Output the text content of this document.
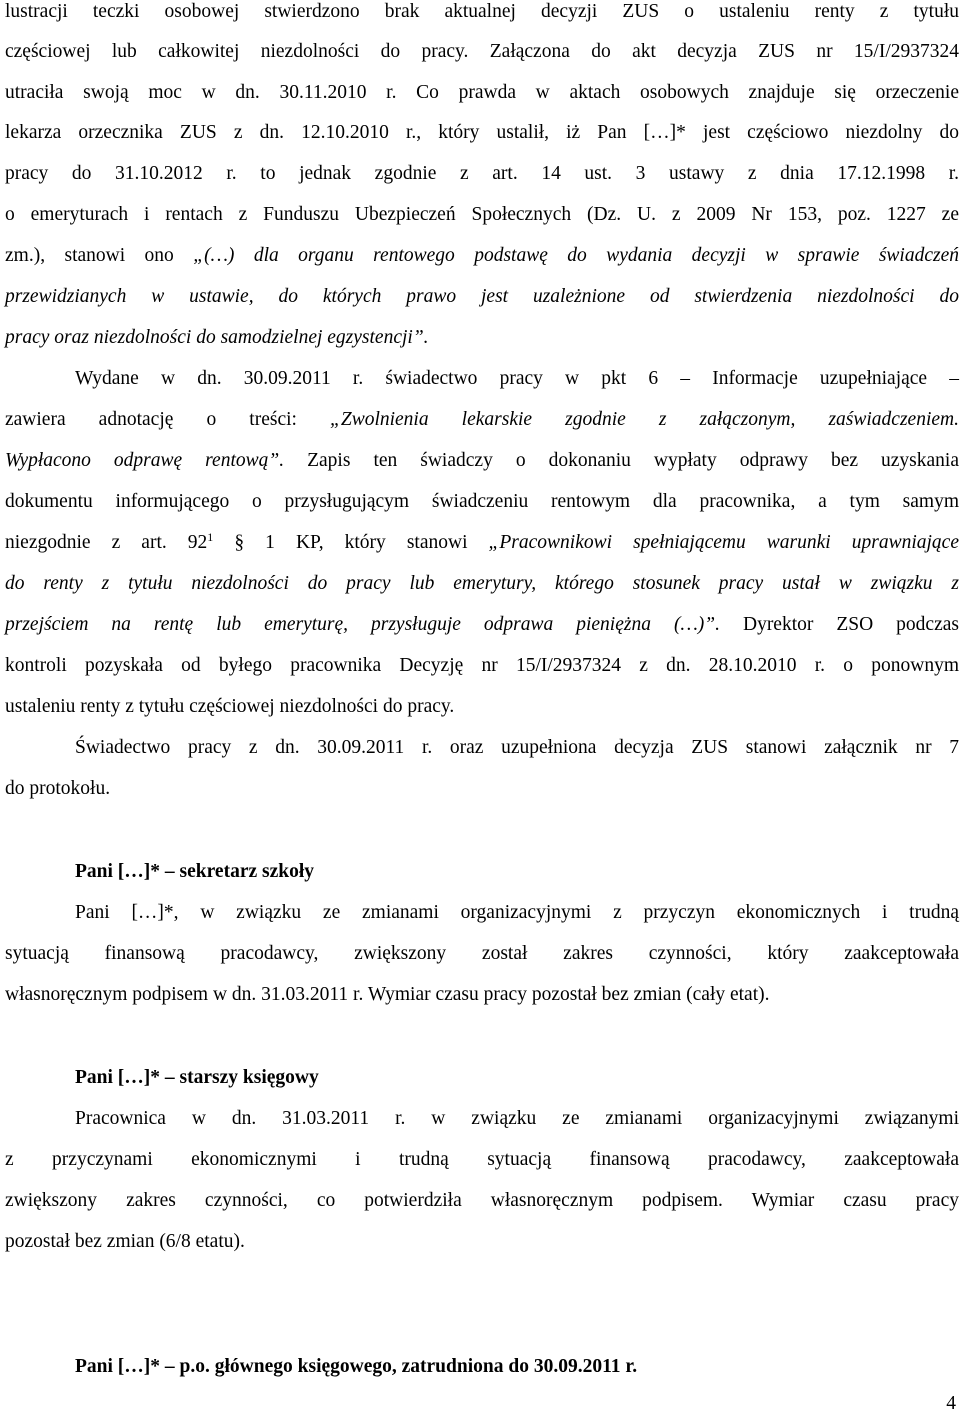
lustracji teczki osobowej stwierdzono brak aktualnej decyzji ZUS o ustaleniu renty z tytułu
częściowej lub całkowitej niezdolności do pracy. Załączona do akt decyzja ZUS nr 15/I/2937324
utraciła swoją moc w dn. 30.11.2010 r. Co prawda w aktach osobowych znajduje się orzeczenie
lekarza orzecznika ZUS z dn. 12.10.2010 r., który ustalił, iż Pan […]* jest częściowo niezdolny do
pracy do 31.10.2012 r. to jednak zgodnie z art. 14 ust. 3 ustawy z dnia 17.12.1998 r.
o emeryturach i rentach z Funduszu Ubezpieczeń Społecznych (Dz. U. z 2009 Nr 153, poz. 1227 ze
zm.), stanowi ono „(…) dla organu rentowego podstawę do wydania decyzji w sprawie świadczeń
przewidzianych w ustawie, do których prawo jest uzależnione od stwierdzenia niezdolności do
pracy oraz niezdolności do samodzielnej egzystencji”.
Wydane w dn. 30.09.2011 r. świadectwo pracy w pkt 6 – Informacje uzupełniające –
zawiera adnotację o treści: „Zwolnienia lekarskie zgodnie z załączonym, zaświadczeniem.
Wypłacono odprawę rentową”. Zapis ten świadczy o dokonaniu wypłaty odprawy bez uzyskania
dokumentu informującego o przysługującym świadczeniu rentowym dla pracownika, a tym samym
niezgodnie z art. $92^1$ § 1 KP, który stanowi „Pracownikowi spełniającemu warunki uprawniające
do renty z tytułu niezdolności do pracy lub emerytury, którego stosunek pracy ustał w związku z
przejściem na rentę lub emeryturę, przysługuje odprawa pieniężna (…)”. Dyrektor ZSO podczas
kontroli pozyskała od byłego pracownika Decyzję nr 15/I/2937324 z dn. 28.10.2010 r. o ponownym
ustaleniu renty z tytułu częściowej niezdolności do pracy.
Świadectwo pracy z dn. 30.09.2011 r. oraz uzupełniona decyzja ZUS stanowi załącznik nr 7
do protokołu.
Pani […]* – sekretarz szkoły
Pani […]*, w związku ze zmianami organizacyjnymi z przyczyn ekonomicznych i trudną
sytuacją finansową pracodawcy, zwiększony został zakres czynności, który zaakceptowała
własnoręcznym podpisem w dn. 31.03.2011 r. Wymiar czasu pracy pozostał bez zmian (cały etat).
Pani […]* – starszy księgowy
Pracownica w dn. 31.03.2011 r. w związku ze zmianami organizacyjnymi związanymi
z przyczynami ekonomicznymi i trudną sytuacją finansową pracodawcy, zaakceptowała
zwiększony zakres czynności, co potwierdziła własnoręcznym podpisem. Wymiar czasu pracy
pozostał bez zmian (6/8 etatu).
Pani […]* – p.o. głównego księgowego, zatrudniona do 30.09.2011 r.
4
